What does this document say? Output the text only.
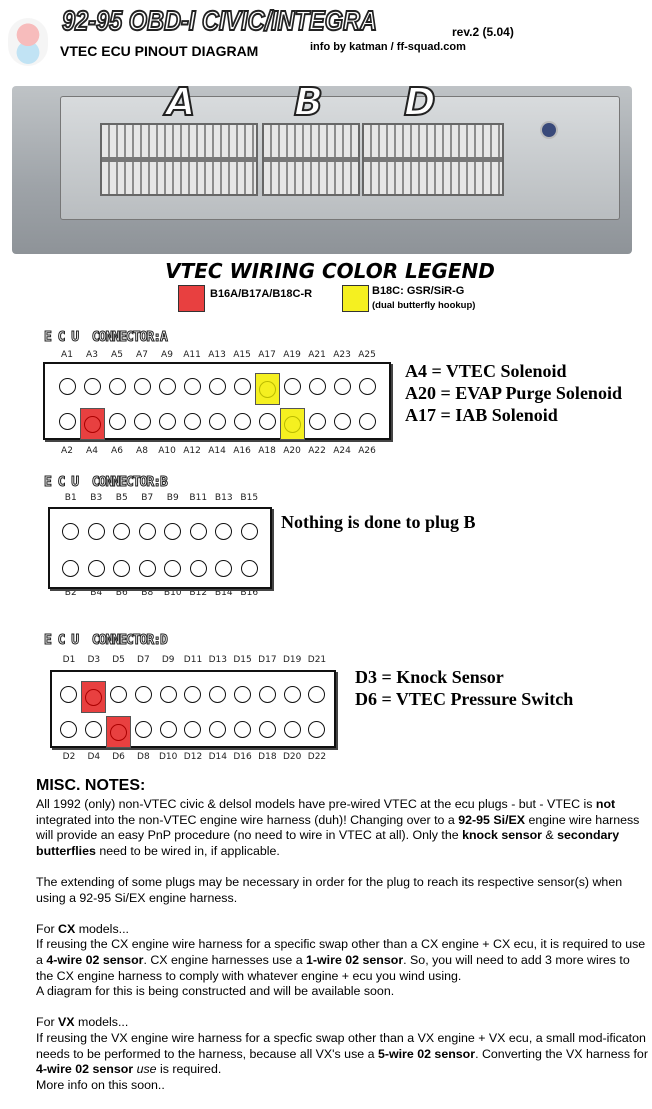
92-95 OBD-I CIVIC/INTEGRA	rev.2 (5.04)
VTEC ECU PINOUT DIAGRAM	info by katman / ff-squad.com
A	B D
VTEC WIRING COLOR LEGEND
B16A/B17A/B18C-R	B18C: GSR/SiR-G
(dual butterfly hookup)
E C U  CONNECTOR:A
A1	A3	A5	A7	A9	A11 A13 A15 A17 A19 A21 A23 A25
A2	A4	A6	A8	A10 A12 A14 A16 A18 A20 A22 A24 A26
A4 = VTEC Solenoid
A20 = EVAP Purge Solenoid
A17 = IAB Solenoid
E C U  CONNECTOR:B
B1	B3	B5	B7	B9	B11 B13 B15
B2	B4	B6	B8	B10 B12 B14 B16
Nothing is done to plug B
E C U  CONNECTOR:D
D1	D3	D5	D7	D9	D11 D13 D15 D17 D19 D21
D2	D4	D6	D8	D10 D12 D14 D16 D18 D20 D22
D3 = Knock Sensor
D6 = VTEC Pressure Switch
MISC. NOTES:

All 1992 (only) non-VTEC civic & delsol models have pre-wired VTEC at the ecu plugs - but - VTEC is not integrated into the non-VTEC engine wire harness (duh)! Changing over to a 92-95 Si/EX engine wire harness will provide an easy PnP procedure (no need to wire in VTEC at all). Only the knock sensor & secondary butterflies need to be wired in, if applicable.

The extending of some plugs may be necessary in order for the plug to reach its respective sensor(s) when using a 92-95 Si/EX engine harness.

For CX models...
If reusing the CX engine wire harness for a specific swap other than a CX engine + CX ecu, it is required to use a 4-wire 02 sensor. CX engine harnesses use a 1-wire 02 sensor. So, you will need to add 3 more wires to the CX engine harness to comply with whatever engine + ecu you wind using.
A diagram for this is being constructed and will be available soon.

For VX models...
If reusing the VX engine wire harness for a specfic swap other than a VX engine + VX ecu, a small mod-ificaton needs to be performed to the harness, because all VX's use a 5-wire 02 sensor. Converting the VX harness for 4-wire 02 sensor use is required.
More info on this soon..
